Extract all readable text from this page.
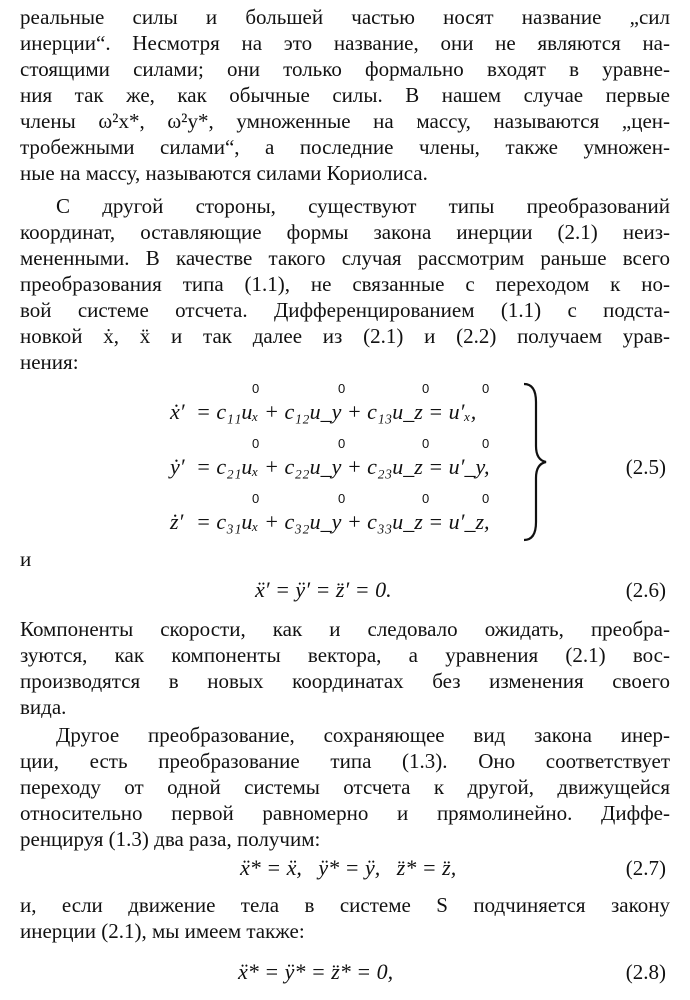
реальные силы и большей частью носят название „сил
инерции“. Несмотря на это название, они не являются на-
стоящими силами; они только формально входят в уравне-
ния так же, как обычные силы. В нашем случае первые
члены ω²x*, ω²y*, умноженные на массу, называются „цен-
тробежными силами“, а последние члены, также умножен-
ные на массу, называются силами Кориолиса.
С другой стороны, существуют типы преобразований
координат, оставляющие формы закона инерции (2.1) неиз-
мененными. В качестве такого случая рассмотрим раньше всего
преобразования типа (1.1), не связанные с переходом к но-
вой системе отсчета. Дифференцированием (1.1) с подста-
новкой ẋ, ẍ и так далее из (2.1) и (2.2) получаем урав-
нения:
0	0	0	0
ẋ′ = c₁₁uₓ + c₁₂u_y + c₁₃u_z = u′ₓ,
0	0	0	0
ẏ′ = c₂₁uₓ + c₂₂u_y + c₂₃u_z = u′_y,	(2.5)
0	0	0	0
ż′ = c₃₁uₓ + c₃₂u_y + c₃₃u_z = u′_z,
и
ẍ′ = ÿ′ = z̈′ = 0.	(2.6)
Компоненты скорости, как и следовало ожидать, преобра-
зуются, как компоненты вектора, а уравнения (2.1) вос-
производятся в новых координатах без изменения своего
вида.
Другое преобразование, сохраняющее вид закона инер-
ции, есть преобразование типа (1.3). Оно соответствует
переходу от одной системы отсчета к другой, движущейся
относительно первой равномерно и прямолинейно. Диффе-
ренцируя (1.3) два раза, получим:
ẍ* = ẍ,   ÿ* = ÿ,   z̈* = z̈,	(2.7)
и, если движение тела в системе S подчиняется закону
инерции (2.1), мы имеем также:
ẍ* = ÿ* = z̈* = 0,	(2.8)
